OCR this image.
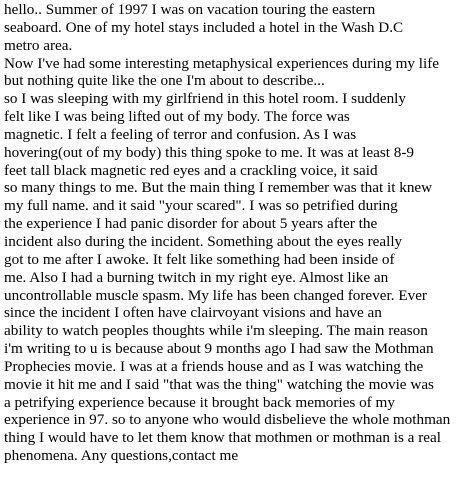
hello.. Summer of 1997 I was on vacation touring the eastern
seaboard. One of my hotel stays included a hotel in the Wash D.C
metro area.
Now I've had some interesting metaphysical experiences during my life
but nothing quite like the one I'm about to describe...
so I was sleeping with my girlfriend in this hotel room. I suddenly
felt like I was being lifted out of my body. The force was
magnetic. I felt a feeling of terror and confusion. As I was
hovering(out of my body) this thing spoke to me. It was at least 8-9
feet tall black magnetic red eyes and a crackling voice, it said
so many things to me. But the main thing I remember was that it knew
my full name. and it said "your scared". I was so petrified during
the experience I had panic disorder for about 5 years after the
incident also during the incident. Something about the eyes really
got to me after I awoke. It felt like something had been inside of
me. Also I had a burning twitch in my right eye. Almost like an
uncontrollable muscle spasm. My life has been changed forever. Ever
since the incident I often have clairvoyant visions and have an
ability to watch peoples thoughts while i'm sleeping. The main reason
i'm writing to u is because about 9 months ago I had saw the Mothman
Prophecies movie. I was at a friends house and as I was watching the
movie it hit me and I said "that was the thing" watching the movie was
a petrifying experience because it brought back memories of my
experience in 97. so to anyone who would disbelieve the whole mothman
thing I would have to let them know that mothmen or mothman is a real
phenomena. Any questions,contact me
